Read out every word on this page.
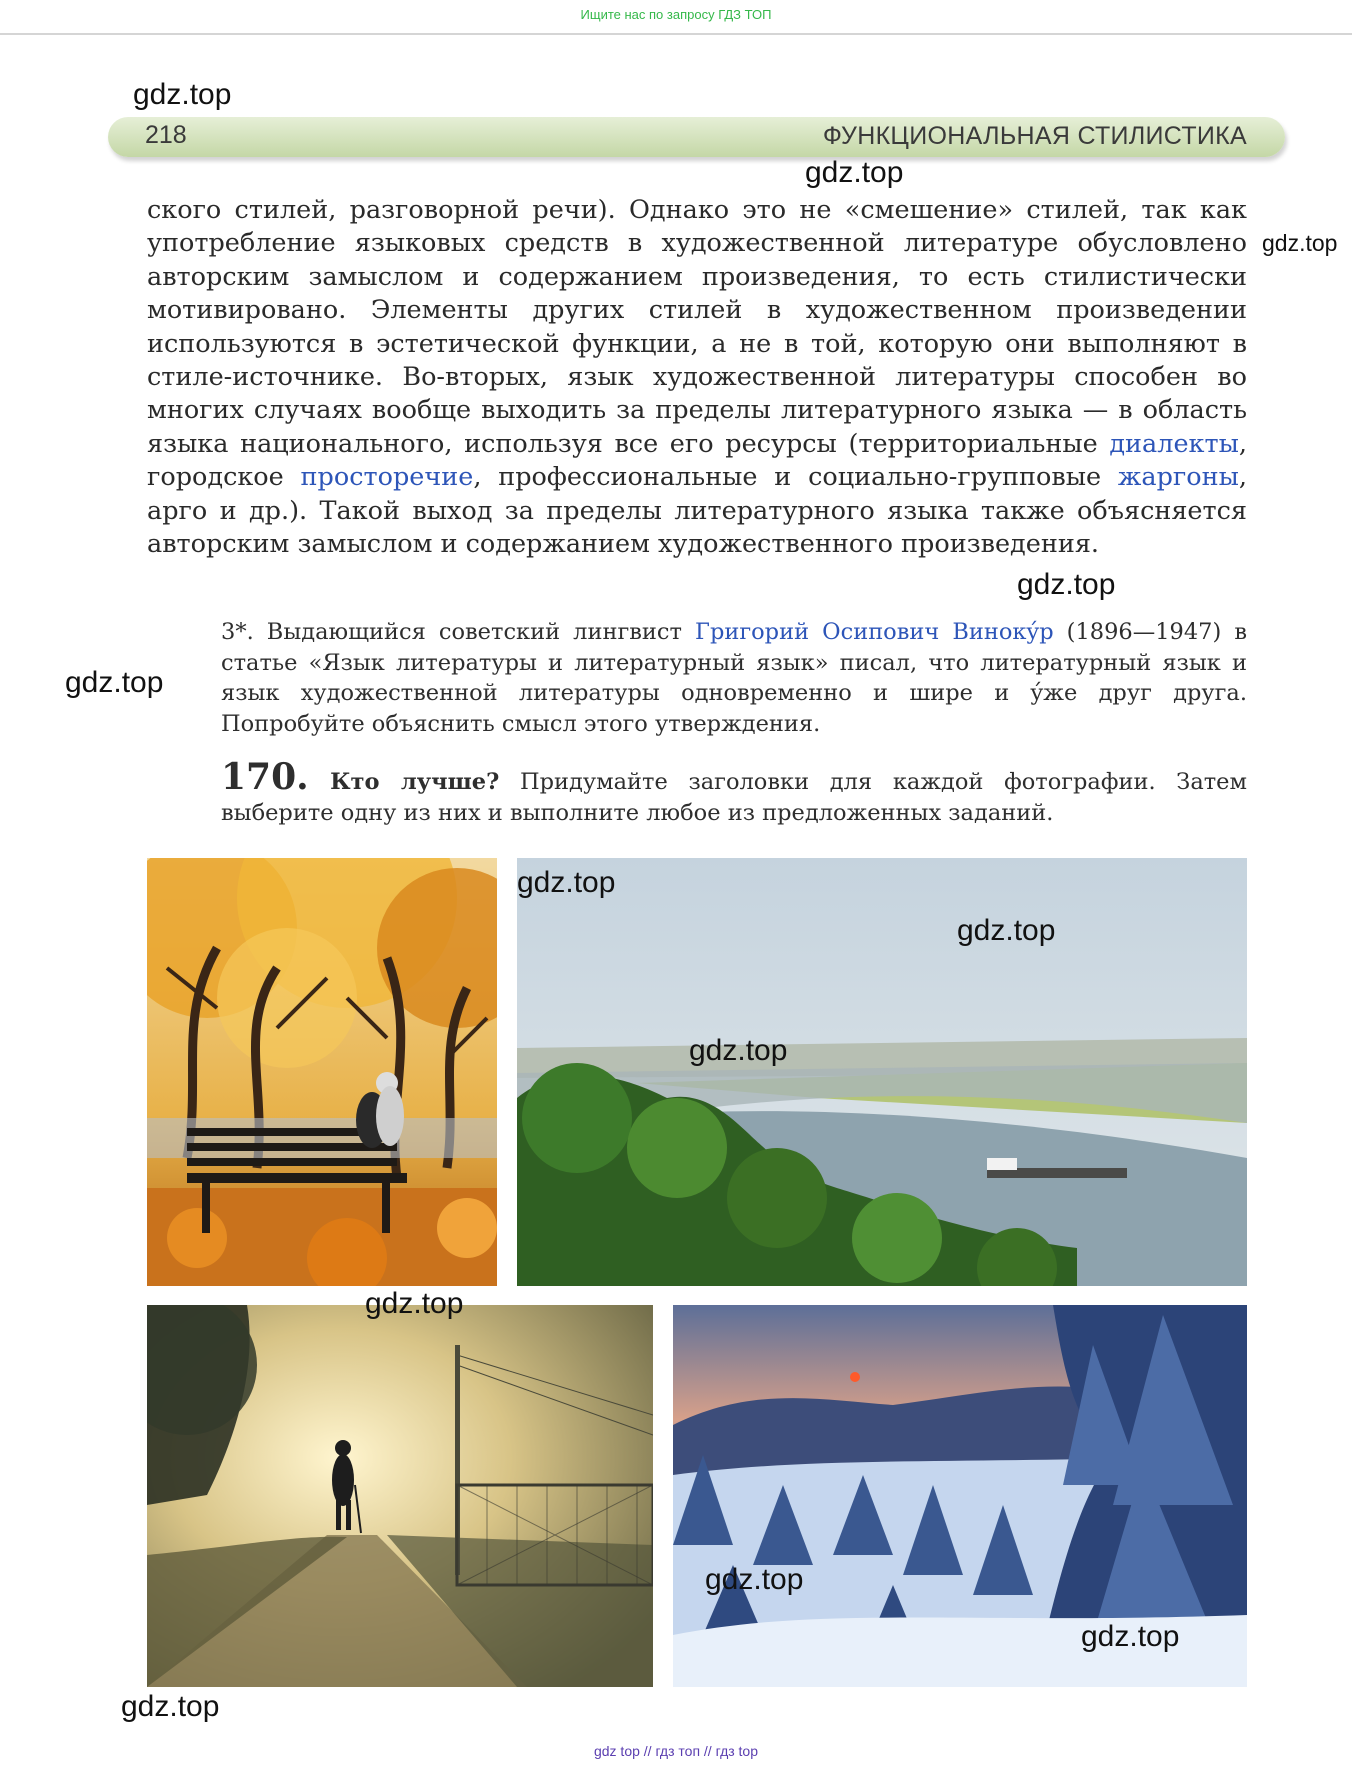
Ищите нас по запросу ГДЗ ТОП
218	ФУНКЦИОНАЛЬНАЯ СТИЛИСТИКА
ского стилей, разговорной речи). Однако это не «смешение» стилей, так как употребление языковых средств в художественной литературе обусловлено авторским замыслом и содержанием произведения, то есть стилистически мотивировано. Элементы других стилей в художественном произведении используются в эстетической функции, а не в той, которую они выполняют в стиле-источнике. Во-вторых, язык художественной литературы способен во многих случаях вообще выходить за пределы литературного языка — в область языка национального, используя все его ресурсы (территориальные диалекты, городское просторечие, профессиональные и социально-групповые жаргоны, арго и др.). Такой выход за пределы литературного языка также объясняется авторским замыслом и содержанием художественного произведения.
3*. Выдающийся советский лингвист Григорий Осипович Винокýр (1896—1947) в статье «Язык литературы и литературный язык» писал, что литературный язык и язык художественной литературы одновременно и шире и ýже друг друга. Попробуйте объяснить смысл этого утверждения.
170. Кто лучше? Придумайте заголовки для каждой фотографии. Затем выберите одну из них и выполните любое из предложенных заданий.
gdz.top
gdz.top
gdz.top
gdz.top
gdz.top
gdz.top
gdz.top
gdz.top
gdz.top
gdz.top
gdz.top
gdz.top
gdz top // гдз топ // гдз top
